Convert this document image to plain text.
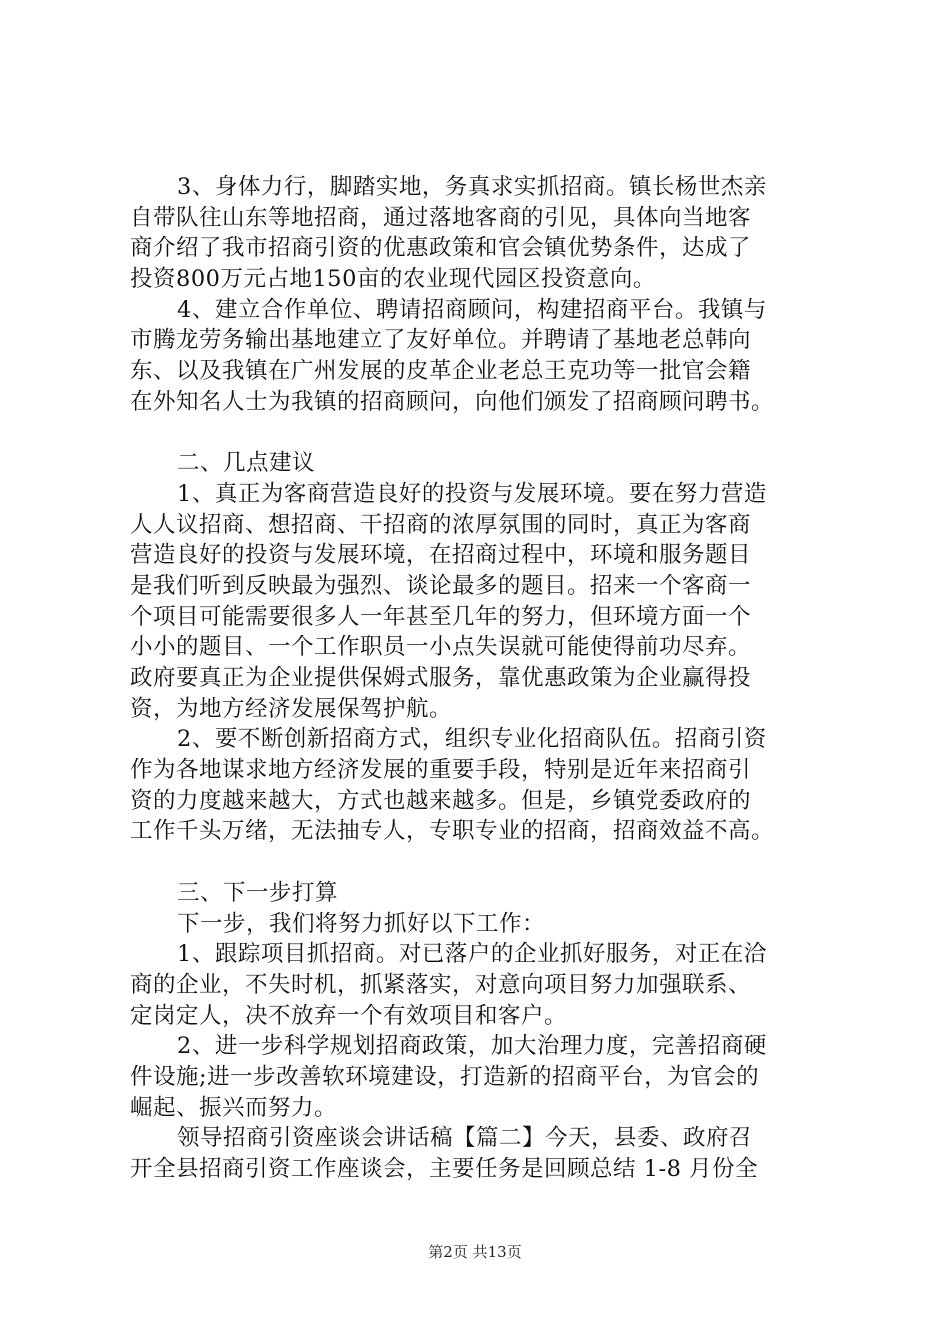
3、身体力行，脚踏实地，务真求实抓招商。镇长杨世杰亲
自带队往山东等地招商，通过落地客商的引见，具体向当地客
商介绍了我市招商引资的优惠政策和官会镇优势条件，达成了
投资800万元占地150亩的农业现代园区投资意向。
4、建立合作单位、聘请招商顾问，构建招商平台。我镇与
市腾龙劳务输出基地建立了友好单位。并聘请了基地老总韩向
东、以及我镇在广州发展的皮革企业老总王克功等一批官会籍
在外知名人士为我镇的招商顾问，向他们颁发了招商顾问聘书。
二、几点建议
1、真正为客商营造良好的投资与发展环境。要在努力营造
人人议招商、想招商、干招商的浓厚氛围的同时，真正为客商
营造良好的投资与发展环境，在招商过程中，环境和服务题目
是我们听到反映最为强烈、谈论最多的题目。招来一个客商一
个项目可能需要很多人一年甚至几年的努力，但环境方面一个
小小的题目、一个工作职员一小点失误就可能使得前功尽弃。
政府要真正为企业提供保姆式服务，靠优惠政策为企业赢得投
资，为地方经济发展保驾护航。
2、要不断创新招商方式，组织专业化招商队伍。招商引资
作为各地谋求地方经济发展的重要手段，特别是近年来招商引
资的力度越来越大，方式也越来越多。但是，乡镇党委政府的
工作千头万绪，无法抽专人，专职专业的招商，招商效益不高。
三、下一步打算
下一步，我们将努力抓好以下工作：
1、跟踪项目抓招商。对已落户的企业抓好服务，对正在洽
商的企业，不失时机，抓紧落实，对意向项目努力加强联系、
定岗定人，决不放弃一个有效项目和客户。
2、进一步科学规划招商政策，加大治理力度，完善招商硬
件设施;进一步改善软环境建设，打造新的招商平台，为官会的
崛起、振兴而努力。
领导招商引资座谈会讲话稿【篇二】今天，县委、政府召
开全县招商引资工作座谈会，主要任务是回顾总结 1-8 月份全
第2页 共13页
